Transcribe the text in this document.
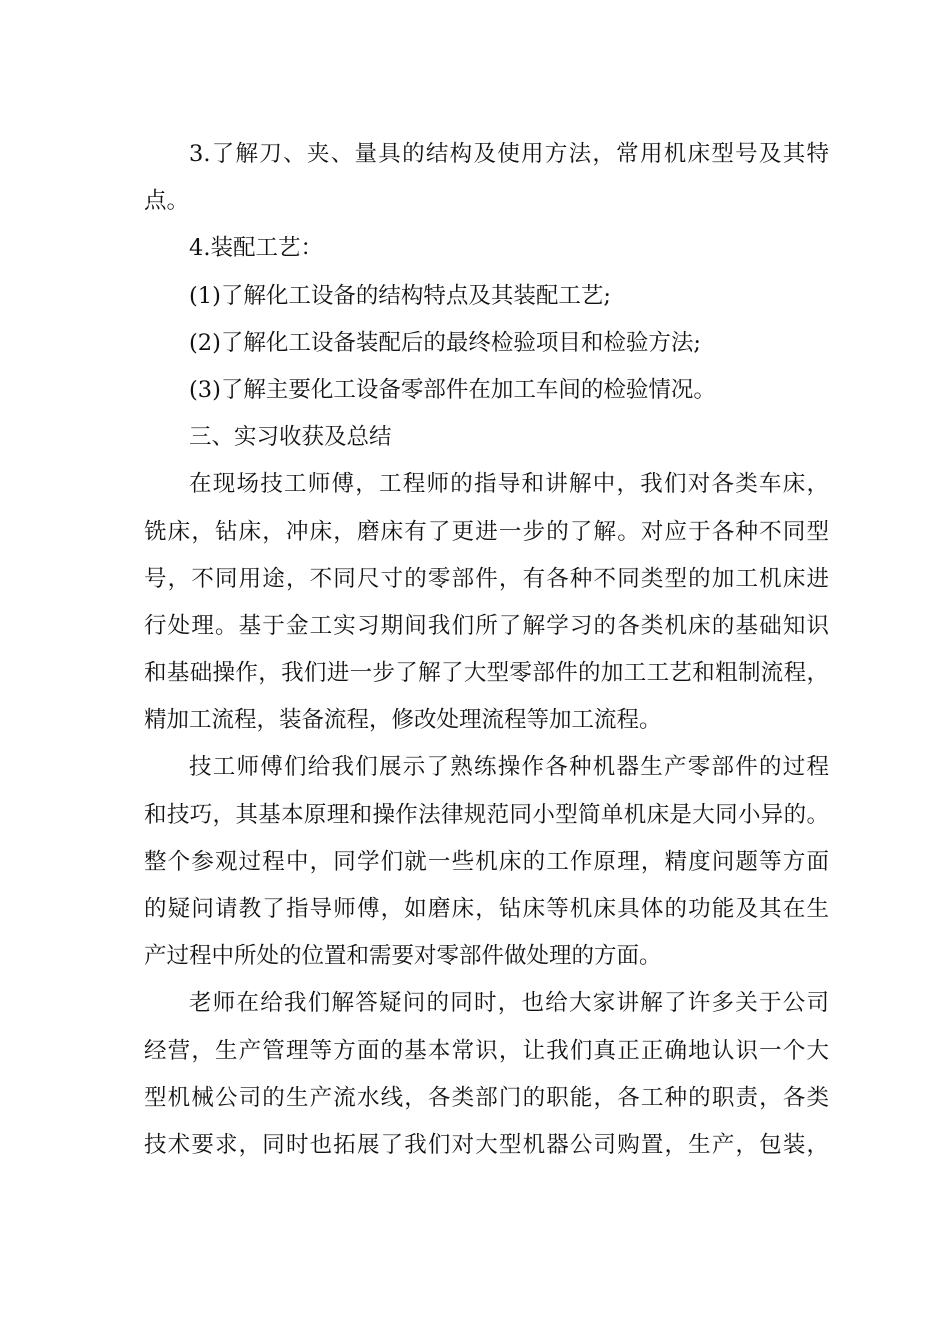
3.了解刀、夹、量具的结构及使用方法，常用机床型号及其特
点。
4.装配工艺：
(1)了解化工设备的结构特点及其装配工艺;
(2)了解化工设备装配后的最终检验项目和检验方法;
(3)了解主要化工设备零部件在加工车间的检验情况。
三、实习收获及总结
在现场技工师傅，工程师的指导和讲解中，我们对各类车床，
铣床，钻床，冲床，磨床有了更进一步的了解。对应于各种不同型
号，不同用途，不同尺寸的零部件，有各种不同类型的加工机床进
行处理。基于金工实习期间我们所了解学习的各类机床的基础知识
和基础操作，我们进一步了解了大型零部件的加工工艺和粗制流程，
精加工流程，装备流程，修改处理流程等加工流程。
技工师傅们给我们展示了熟练操作各种机器生产零部件的过程
和技巧，其基本原理和操作法律规范同小型简单机床是大同小异的。
整个参观过程中，同学们就一些机床的工作原理，精度问题等方面
的疑问请教了指导师傅，如磨床，钻床等机床具体的功能及其在生
产过程中所处的位置和需要对零部件做处理的方面。
老师在给我们解答疑问的同时，也给大家讲解了许多关于公司
经营，生产管理等方面的基本常识，让我们真正正确地认识一个大
型机械公司的生产流水线，各类部门的职能，各工种的职责，各类
技术要求，同时也拓展了我们对大型机器公司购置，生产，包装，
